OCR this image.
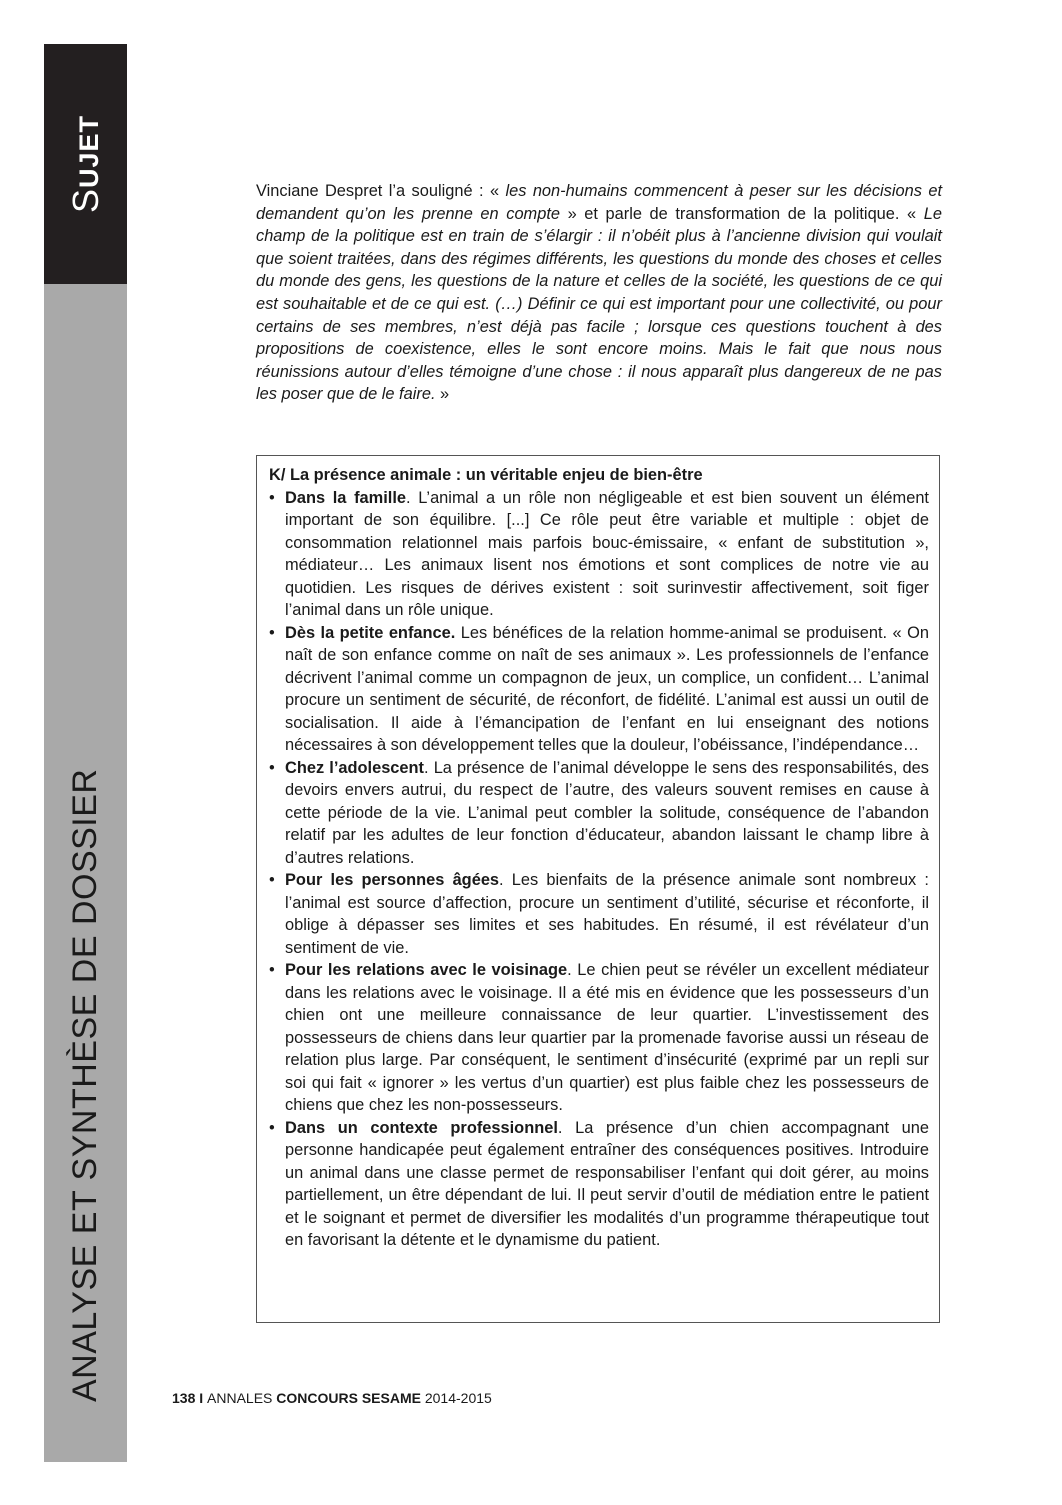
SUJET
ANALYSE ET SYNTHÈSE DE DOSSIER

Vinciane Despret l’a souligné : « les non-humains commencent à peser sur les décisions et demandent qu’on les prenne en compte » et parle de transformation de la politique. « Le champ de la politique est en train de s’élargir : il n’obéit plus à l’ancienne division qui voulait que soient traitées, dans des régimes différents, les questions du monde des choses et celles du monde des gens, les questions de la nature et celles de la société, les questions de ce qui est souhaitable et de ce qui est. (…) Définir ce qui est important pour une collectivité, ou pour certains de ses membres, n’est déjà pas facile ; lorsque ces questions touchent à des propositions de coexistence, elles le sont encore moins. Mais le fait que nous nous réunissions autour d’elles témoigne d’une chose : il nous apparaît plus dangereux de ne pas les poser que de le faire. »

K/ La présence animale : un véritable enjeu de bien-être

• Dans la famille. L’animal a un rôle non négligeable et est bien souvent un élément important de son équilibre. [...] Ce rôle peut être variable et multiple : objet de consommation relationnel mais parfois bouc-émissaire, « enfant de substitution », médiateur… Les animaux lisent nos émotions et sont complices de notre vie au quotidien. Les risques de dérives existent : soit surinvestir affectivement, soit figer l’animal dans un rôle unique.
• Dès la petite enfance. Les bénéfices de la relation homme-animal se produisent. « On naît de son enfance comme on naît de ses animaux ». Les professionnels de l’enfance décrivent l’animal comme un compagnon de jeux, un complice, un confident… L’animal procure un sentiment de sécurité, de réconfort, de fidélité. L’animal est aussi un outil de socialisation. Il aide à l’émancipation de l’enfant en lui enseignant des notions nécessaires à son développement telles que la douleur, l’obéissance, l’indépendance…
• Chez l’adolescent. La présence de l’animal développe le sens des responsabilités, des devoirs envers autrui, du respect de l’autre, des valeurs souvent remises en cause à cette période de la vie. L’animal peut combler la solitude, conséquence de l’abandon relatif par les adultes de leur fonction d’éducateur, abandon laissant le champ libre à d’autres relations.
• Pour les personnes âgées. Les bienfaits de la présence animale sont nombreux : l’animal est source d’affection, procure un sentiment d’utilité, sécurise et réconforte, il oblige à dépasser ses limites et ses habitudes. En résumé, il est révélateur d’un sentiment de vie.
• Pour les relations avec le voisinage. Le chien peut se révéler un excellent médiateur dans les relations avec le voisinage. Il a été mis en évidence que les possesseurs d’un chien ont une meilleure connaissance de leur quartier. L’investissement des possesseurs de chiens dans leur quartier par la promenade favorise aussi un réseau de relation plus large. Par conséquent, le sentiment d’insécurité (exprimé par un repli sur soi qui fait « ignorer » les vertus d’un quartier) est plus faible chez les possesseurs de chiens que chez les non-possesseurs.
• Dans un contexte professionnel. La présence d’un chien accompagnant une personne handicapée peut également entraîner des conséquences positives. Introduire un animal dans une classe permet de responsabiliser l’enfant qui doit gérer, au moins partiellement, un être dépendant de lui. Il peut servir d’outil de médiation entre le patient et le soignant et permet de diversifier les modalités d’un programme thérapeutique tout en favorisant la détente et le dynamisme du patient.
138 I ANNALES CONCOURS SESAME 2014-2015
